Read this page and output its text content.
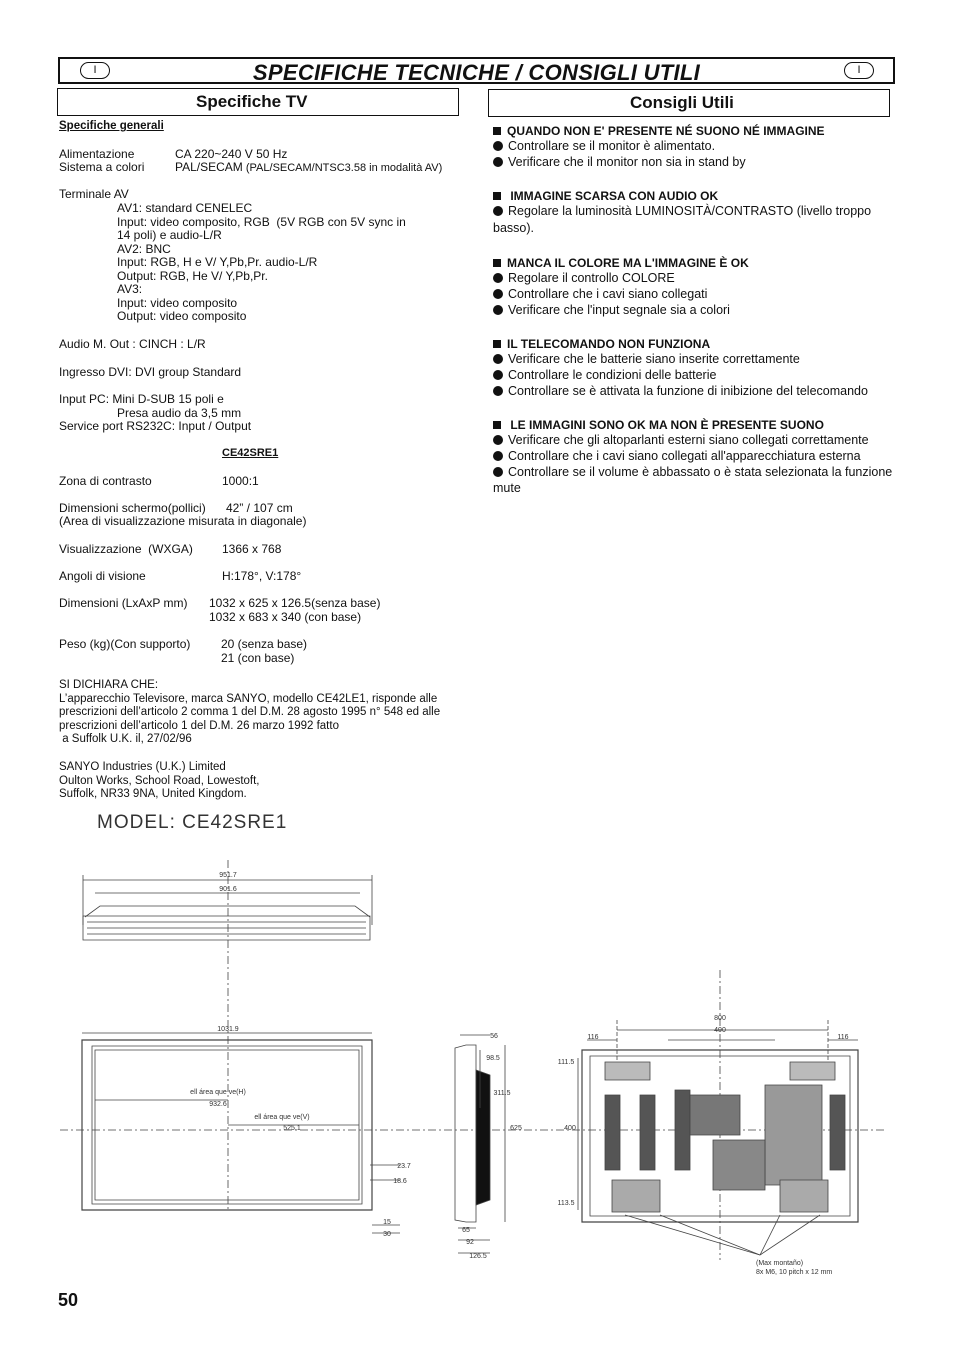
I	SPECIFICHE TECNICHE / CONSIGLI UTILI	I
Specifiche TV	Consigli Utili
Specifiche generali
Alimentazione	CA 220~240 V 50 Hz
Sistema a colori	PAL/SECAM (PAL/SECAM/NTSC3.58 in modalità AV)
Terminale AV
AV1: standard CENELEC
Input: video composito, RGB  (5V RGB con 5V sync in
14 poli) e audio-L/R
AV2: BNC
Input: RGB, H e V/ Y,Pb,Pr. audio-L/R
Output: RGB, He V/ Y,Pb,Pr.
AV3:
Input: video composito
Output: video composito
Audio M. Out : CINCH : L/R
Ingresso DVI: DVI group Standard
Input PC: Mini D-SUB 15 poli e
Presa audio da 3,5 mm
Service port RS232C: Input / Output
CE42SRE1
Zona di contrasto	1000:1
Dimensioni schermo(pollici) 42” / 107 cm
(Area di visualizzazione misurata in diagonale)
Visualizzazione  (WXGA) 1366 x 768
Angoli di visione	H:178°, V:178°
Dimensioni (LxAxP mm) 1032 x 625 x 126.5(senza base)
1032 x 683 x 340 (con base)
Peso (kg)(Con supporto)	20 (senza base)
21 (con base)
SI DICHIARA CHE:
L’apparecchio Televisore, marca SANYO, modello CE42LE1, risponde alle
prescrizioni dell’articolo 2 comma 1 del D.M. 28 agosto 1995 n° 548 ed alle
prescrizioni dell’articolo 1 del D.M. 26 marzo 1992 fatto
a Suffolk U.K. il, 27/02/96
SANYO Industries (U.K.) Limited
Oulton Works, School Road, Lowestoft,
Suffolk, NR33 9NA, United Kingdom.
QUANDO NON E' PRESENTE NÉ SUONO NÉ IMMAGINE
Controllare se il monitor è alimentato.
Verificare che il monitor non sia in stand by
IMMAGINE SCARSA CON AUDIO OK
Regolare la luminosità LUMINOSITÀ/CONTRASTO (livello troppo basso).
MANCA IL COLORE MA L'IMMAGINE È OK
Regolare il controllo COLORE
Controllare che i cavi siano collegati
Verificare che l'input segnale sia a colori
IL TELECOMANDO NON FUNZIONA
Verificare che le batterie siano inserite correttamente
Controllare le condizioni delle batterie
Controllare se è attivata la funzione di inibizione del telecomando
LE IMMAGINI SONO OK MA NON È PRESENTE SUONO
Verificare che gli altoparlanti esterni siano collegati correttamente
Controllare che i cavi siano collegati all'apparecchiatura esterna
Controllare se il volume è abbassato o è stata selezionata la funzione mute
MODEL: CE42SRE1
951.7
901.6
1031.9
ell área que ve(H)
932.6
ell área que ve(V)
525.1
23.7
18.6
15
30
56
98.5
311.5
625
65
92
126.5
800
400
116	116
111.5
400
113.5
(Max montaño)
8x M6, 10 pitch x 12 mm
50
